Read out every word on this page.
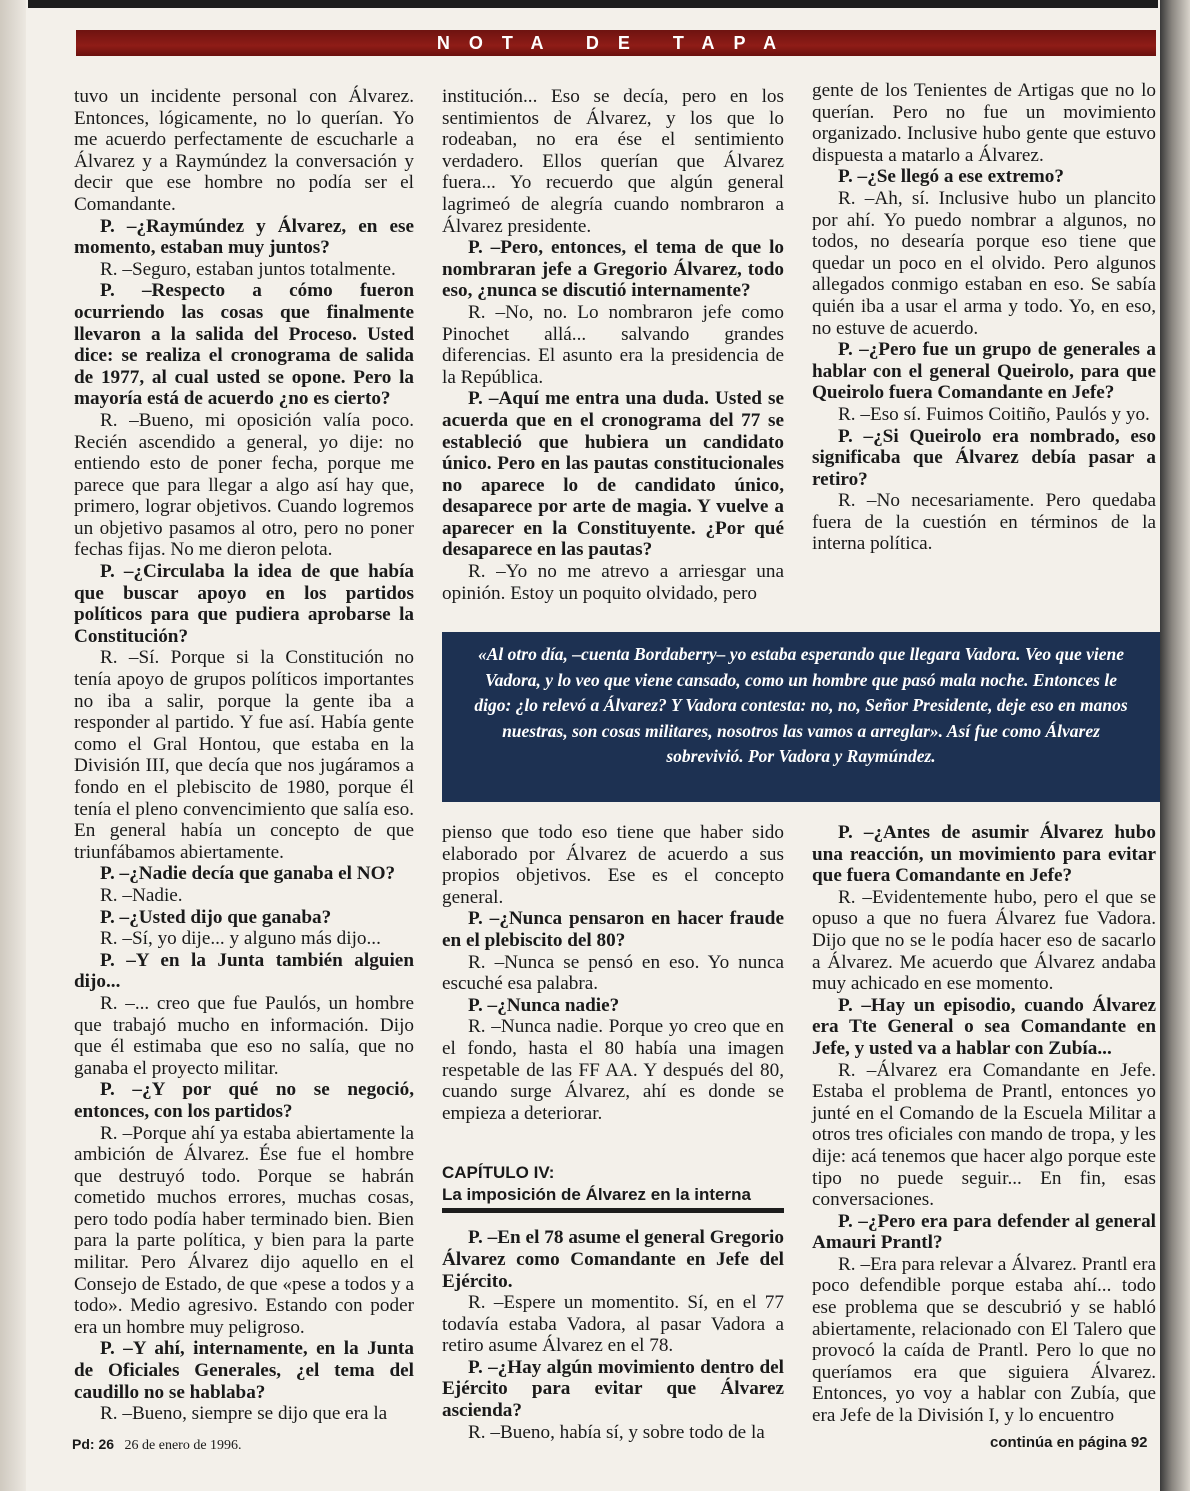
NOTA DE TAPA

tuvo un incidente personal con Álvarez. Entonces, lógicamente, no lo querían. Yo me acuerdo perfectamente de escucharle a Álvarez y a Raymúndez la conversación y decir que ese hombre no podía ser el Comandante.

P. –¿Raymúndez y Álvarez, en ese momento, estaban muy juntos?

R. –Seguro, estaban juntos totalmente.

P. –Respecto a cómo fueron ocurriendo las cosas que finalmente llevaron a la salida del Proceso. Usted dice: se realiza el cronograma de salida de 1977, al cual usted se opone. Pero la mayoría está de acuerdo ¿no es cierto?

R. –Bueno, mi oposición valía poco. Recién ascendido a general, yo dije: no entiendo esto de poner fecha, porque me parece que para llegar a algo así hay que, primero, lograr objetivos. Cuando logremos un objetivo pasamos al otro, pero no poner fechas fijas. No me dieron pelota.

P. –¿Circulaba la idea de que había que buscar apoyo en los partidos políticos para que pudiera aprobarse la Constitución?

R. –Sí. Porque si la Constitución no tenía apoyo de grupos políticos importantes no iba a salir, porque la gente iba a responder al partido. Y fue así. Había gente como el Gral Hontou, que estaba en la División III, que decía que nos jugáramos a fondo en el plebiscito de 1980, porque él tenía el pleno convencimiento que salía eso. En general había un concepto de que triunfábamos abiertamente.

P. –¿Nadie decía que ganaba el NO?

R. –Nadie.

P. –¿Usted dijo que ganaba?

R. –Sí, yo dije... y alguno más dijo...

P. –Y en la Junta también alguien dijo...

R. –... creo que fue Paulós, un hombre que trabajó mucho en información. Dijo que él estimaba que eso no salía, que no ganaba el proyecto militar.

P. –¿Y por qué no se negoció, entonces, con los partidos?

R. –Porque ahí ya estaba abiertamente la ambición de Álvarez. Ése fue el hombre que destruyó todo. Porque se habrán cometido muchos errores, muchas cosas, pero todo podía haber terminado bien. Bien para la parte política, y bien para la parte militar. Pero Álvarez dijo aquello en el Consejo de Estado, de que «pese a todos y a todo». Medio agresivo. Estando con poder era un hombre muy peligroso.

P. –Y ahí, internamente, en la Junta de Oficiales Generales, ¿el tema del caudillo no se hablaba?

R. –Bueno, siempre se dijo que era la

institución... Eso se decía, pero en los sentimientos de Álvarez, y los que lo rodeaban, no era ése el sentimiento verdadero. Ellos querían que Álvarez fuera... Yo recuerdo que algún general lagrimeó de alegría cuando nombraron a Álvarez presidente.

P. –Pero, entonces, el tema de que lo nombraran jefe a Gregorio Álvarez, todo eso, ¿nunca se discutió internamente?

R. –No, no. Lo nombraron jefe como Pinochet allá... salvando grandes diferencias. El asunto era la presidencia de la República.

P. –Aquí me entra una duda. Usted se acuerda que en el cronograma del 77 se estableció que hubiera un candidato único. Pero en las pautas constitucionales no aparece lo de candidato único, desaparece por arte de magia. Y vuelve a aparecer en la Constituyente. ¿Por qué desaparece en las pautas?

R. –Yo no me atrevo a arriesgar una opinión. Estoy un poquito olvidado, pero

gente de los Tenientes de Artigas que no lo querían. Pero no fue un movimiento organizado. Inclusive hubo gente que estuvo dispuesta a matarlo a Álvarez.

P. –¿Se llegó a ese extremo?

R. –Ah, sí. Inclusive hubo un plancito por ahí. Yo puedo nombrar a algunos, no todos, no desearía porque eso tiene que quedar un poco en el olvido. Pero algunos allegados conmigo estaban en eso. Se sabía quién iba a usar el arma y todo. Yo, en eso, no estuve de acuerdo.

P. –¿Pero fue un grupo de generales a hablar con el general Queirolo, para que Queirolo fuera Comandante en Jefe?

R. –Eso sí. Fuimos Coitiño, Paulós y yo.

P. –¿Si Queirolo era nombrado, eso significaba que Álvarez debía pasar a retiro?

R. –No necesariamente. Pero quedaba fuera de la cuestión en términos de la interna política.

«Al otro día, –cuenta Bordaberry– yo estaba esperando que llegara Vadora. Veo que viene Vadora, y lo veo que viene cansado, como un hombre que pasó mala noche. Entonces le digo: ¿lo relevó a Álvarez? Y Vadora contesta: no, no, Señor Presidente, deje eso en manos nuestras, son cosas militares, nosotros las vamos a arreglar». Así fue como Álvarez sobrevivió. Por Vadora y Raymúndez.

pienso que todo eso tiene que haber sido elaborado por Álvarez de acuerdo a sus propios objetivos. Ese es el concepto general.

P. –¿Nunca pensaron en hacer fraude en el plebiscito del 80?

R. –Nunca se pensó en eso. Yo nunca escuché esa palabra.

P. –¿Nunca nadie?

R. –Nunca nadie. Porque yo creo que en el fondo, hasta el 80 había una imagen respetable de las FF AA. Y después del 80, cuando surge Álvarez, ahí es donde se empieza a deteriorar.

CAPÍTULO IV:
La imposición de Álvarez en la interna

P. –En el 78 asume el general Gregorio Álvarez como Comandante en Jefe del Ejército.

R. –Espere un momentito. Sí, en el 77 todavía estaba Vadora, al pasar Vadora a retiro asume Álvarez en el 78.

P. –¿Hay algún movimiento dentro del Ejército para evitar que Álvarez ascienda?

R. –Bueno, había sí, y sobre todo de la

P. –¿Antes de asumir Álvarez hubo una reacción, un movimiento para evitar que fuera Comandante en Jefe?

R. –Evidentemente hubo, pero el que se opuso a que no fuera Álvarez fue Vadora. Dijo que no se le podía hacer eso de sacarlo a Álvarez. Me acuerdo que Álvarez andaba muy achicado en ese momento.

P. –Hay un episodio, cuando Álvarez era Tte General o sea Comandante en Jefe, y usted va a hablar con Zubía...

R. –Álvarez era Comandante en Jefe. Estaba el problema de Prantl, entonces yo junté en el Comando de la Escuela Militar a otros tres oficiales con mando de tropa, y les dije: acá tenemos que hacer algo porque este tipo no puede seguir... En fin, esas conversaciones.

P. –¿Pero era para defender al general Amauri Prantl?

R. –Era para relevar a Álvarez. Prantl era poco defendible porque estaba ahí... todo ese problema que se descubrió y se habló abiertamente, relacionado con El Talero que provocó la caída de Prantl. Pero lo que no queríamos era que siguiera Álvarez. Entonces, yo voy a hablar con Zubía, que era Jefe de la División I, y lo encuentro

Pd: 26 26 de enero de 1996.	continúa en página 92
